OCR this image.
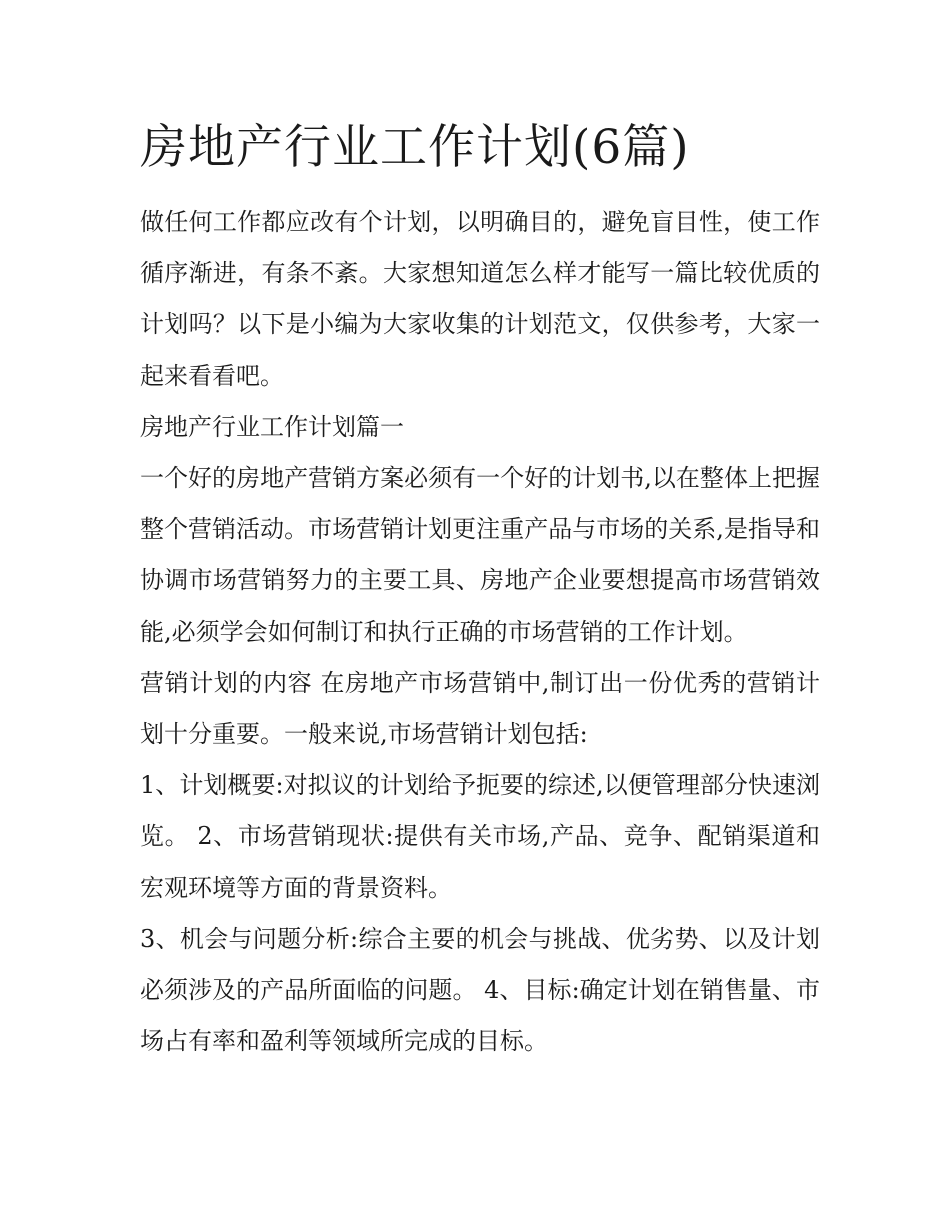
房地产行业工作计划(6篇)

做任何工作都应改有个计划，以明确目的，避免盲目性，使工作循序渐进，有条不紊。大家想知道怎么样才能写一篇比较优质的计划吗？以下是小编为大家收集的计划范文，仅供参考，大家一起来看看吧。

房地产行业工作计划篇一

一个好的房地产营销方案必须有一个好的计划书,以在整体上把握整个营销活动。市场营销计划更注重产品与市场的关系,是指导和协调市场营销努力的主要工具、房地产企业要想提高市场营销效能,必须学会如何制订和执行正确的市场营销的工作计划。

营销计划的内容 在房地产市场营销中,制订出一份优秀的营销计划十分重要。一般来说,市场营销计划包括:

1、计划概要:对拟议的计划给予扼要的综述,以便管理部分快速浏览。 2、市场营销现状:提供有关市场,产品、竞争、配销渠道和宏观环境等方面的背景资料。

3、机会与问题分析:综合主要的机会与挑战、优劣势、以及计划必须涉及的产品所面临的问题。 4、目标:确定计划在销售量、市场占有率和盈利等领域所完成的目标。
